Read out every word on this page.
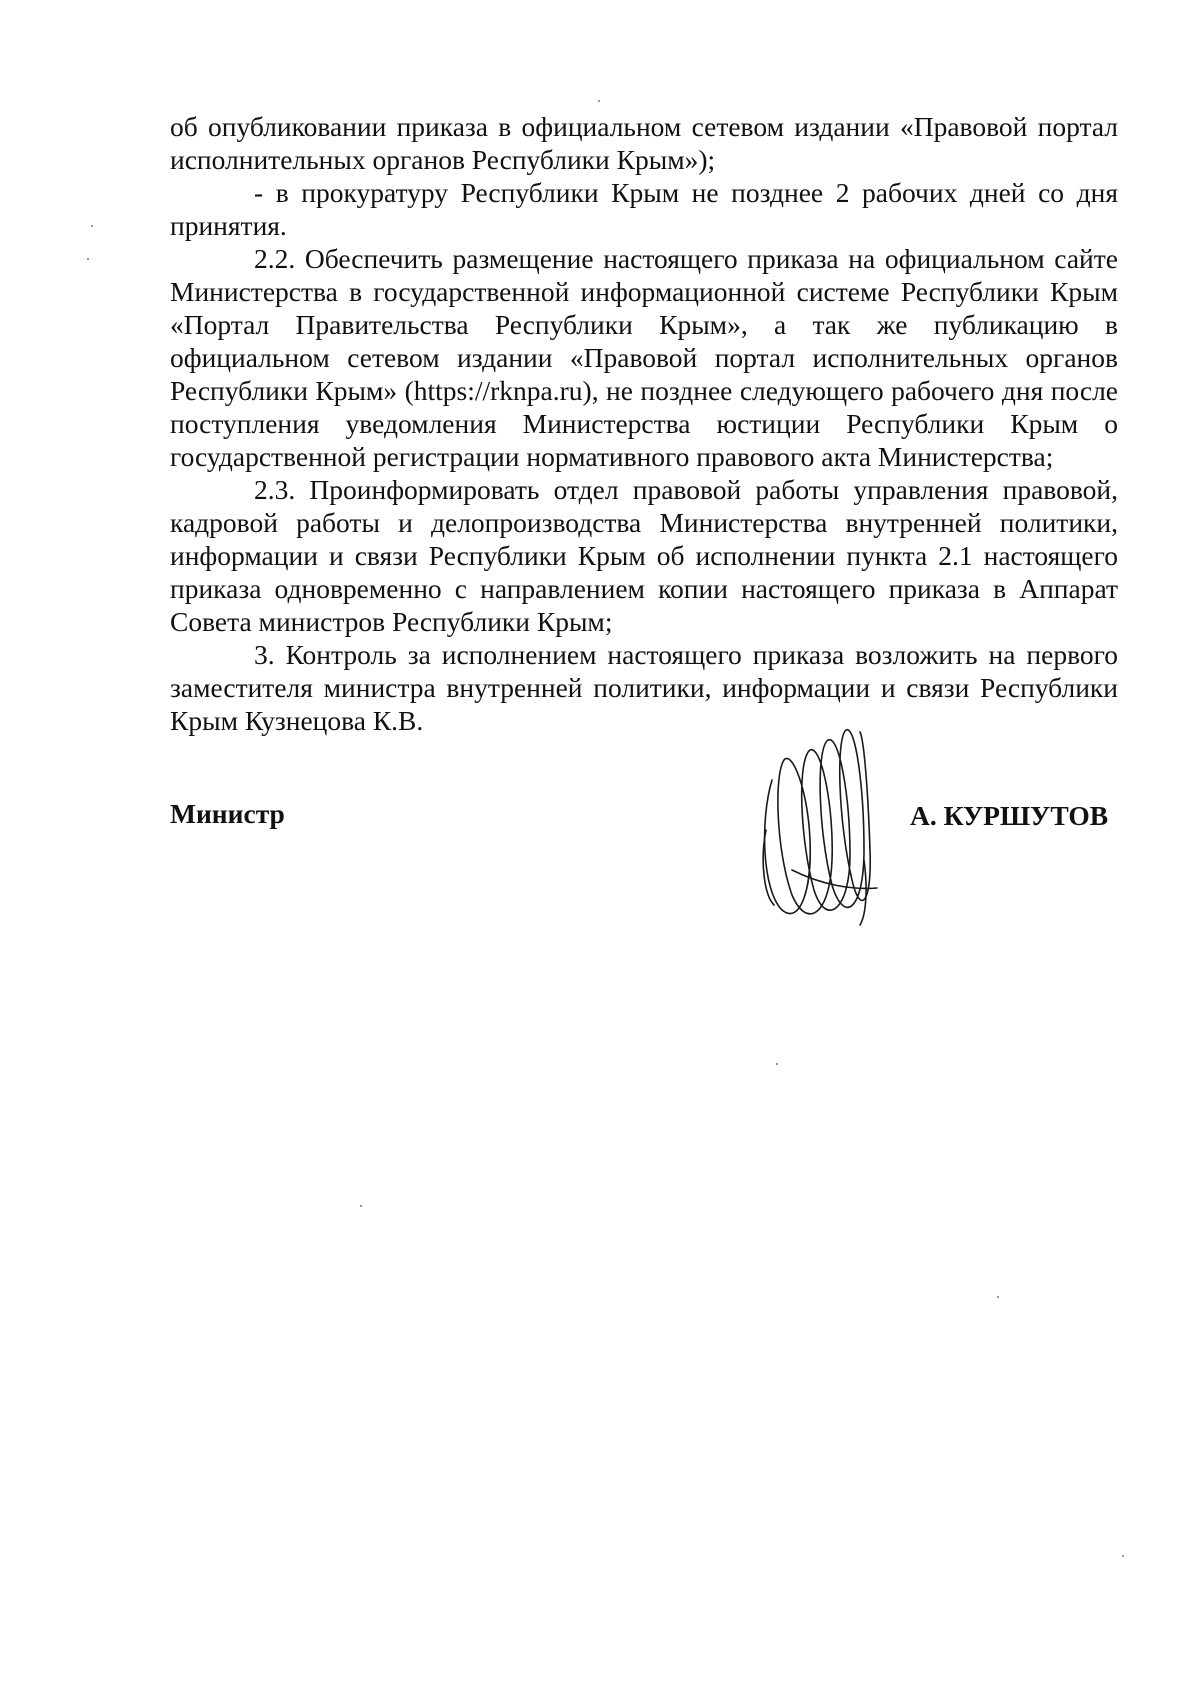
об опубликовании приказа в официальном сетевом издании «Правовой портал исполнительных органов Республики Крым»);

- в прокуратуру Республики Крым не позднее 2 рабочих дней со дня принятия.

2.2. Обеспечить размещение настоящего приказа на официальном сайте Министерства в государственной информационной системе Республики Крым «Портал Правительства Республики Крым», а так же публикацию в официальном сетевом издании «Правовой портал исполнительных органов Республики Крым» (https://rknpa.ru), не позднее следующего рабочего дня после поступления уведомления Министерства юстиции Республики Крым о государственной регистрации нормативного правового акта Министерства;

2.3. Проинформировать отдел правовой работы управления правовой, кадровой работы и делопроизводства Министерства внутренней политики, информации и связи Республики Крым об исполнении пункта 2.1 настоящего приказа одновременно с направлением копии настоящего приказа в Аппарат Совета министров Республики Крым;

3. Контроль за исполнением настоящего приказа возложить на первого заместителя министра внутренней политики, информации и связи Республики Крым Кузнецова К.В.

Министр	А. КУРШУТОВ
